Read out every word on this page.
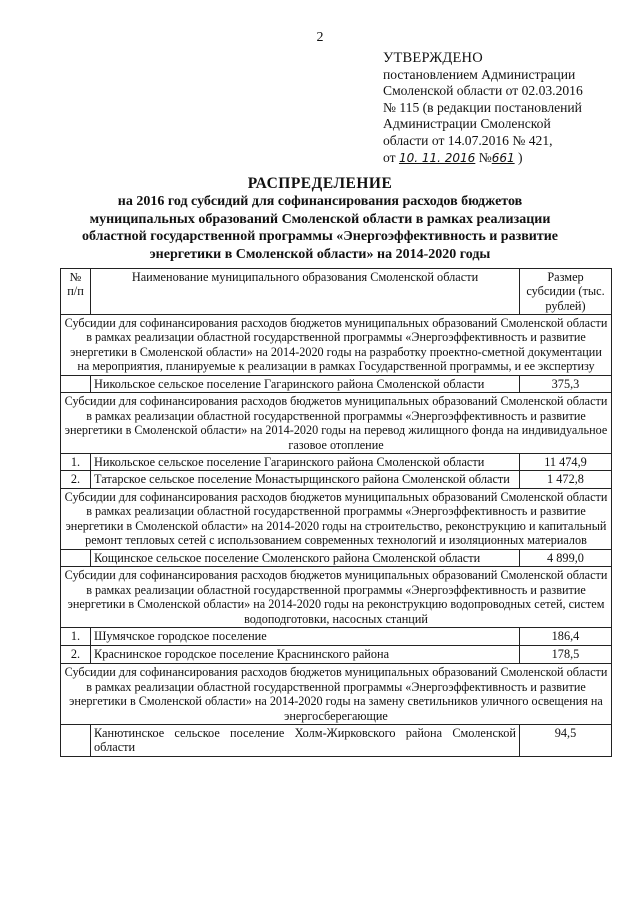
2
УТВЕРЖДЕНО
постановлением Администрации
Смоленской области от 02.03.2016
№ 115 (в редакции постановлений
Администрации Смоленской
области от 14.07.2016 № 421,
от 10. 11. 2016 №661 )
РАСПРЕДЕЛЕНИЕ
на 2016 год субсидий для софинансирования расходов бюджетов муниципальных образований Смоленской области в рамках реализации областной государственной программы «Энергоэффективность и развитие энергетики в Смоленской области» на 2014-2020 годы
№ п/п	Наименование муниципального образования Смоленской области	Размер субсидии (тыс. рублей)
Субсидии для софинансирования расходов бюджетов муниципальных образований Смоленской области в рамках реализации областной государственной программы «Энергоэффективность и развитие энергетики в Смоленской области» на 2014-2020 годы на разработку проектно-сметной документации на мероприятия, планируемые к реализации в рамках Государственной программы, и ее экспертизу		
	Никольское сельское поселение Гагаринского района Смоленской области	375,3
Субсидии для софинансирования расходов бюджетов муниципальных образований Смоленской области в рамках реализации областной государственной программы «Энергоэффективность и развитие энергетики в Смоленской области» на 2014-2020 годы на перевод жилищного фонда на индивидуальное газовое отопление		
1.	Никольское сельское поселение Гагаринского района Смоленской области	11 474,9
2.	Татарское сельское поселение Монастырщинского района Смоленской области	1 472,8
Субсидии для софинансирования расходов бюджетов муниципальных образований Смоленской области в рамках реализации областной государственной программы «Энергоэффективность и развитие энергетики в Смоленской области» на 2014-2020 годы на строительство, реконструкцию и капитальный ремонт тепловых сетей с использованием современных технологий и изоляционных материалов		
	Кощинское сельское поселение Смоленского района Смоленской области	4 899,0
Субсидии для софинансирования расходов бюджетов муниципальных образований Смоленской области в рамках реализации областной государственной программы «Энергоэффективность и развитие энергетики в Смоленской области» на 2014-2020 годы на реконструкцию водопроводных сетей, систем водоподготовки, насосных станций		
1.	Шумячское городское поселение	186,4
2.	Краснинское городское поселение Краснинского района	178,5
Субсидии для софинансирования расходов бюджетов муниципальных образований Смоленской области в рамках реализации областной государственной программы «Энергоэффективность и развитие энергетики в Смоленской области» на 2014-2020 годы на замену светильников уличного освещения на энергосберегающие		
	Канютинское сельское поселение Холм-Жирковского района Смоленской области	94,5
